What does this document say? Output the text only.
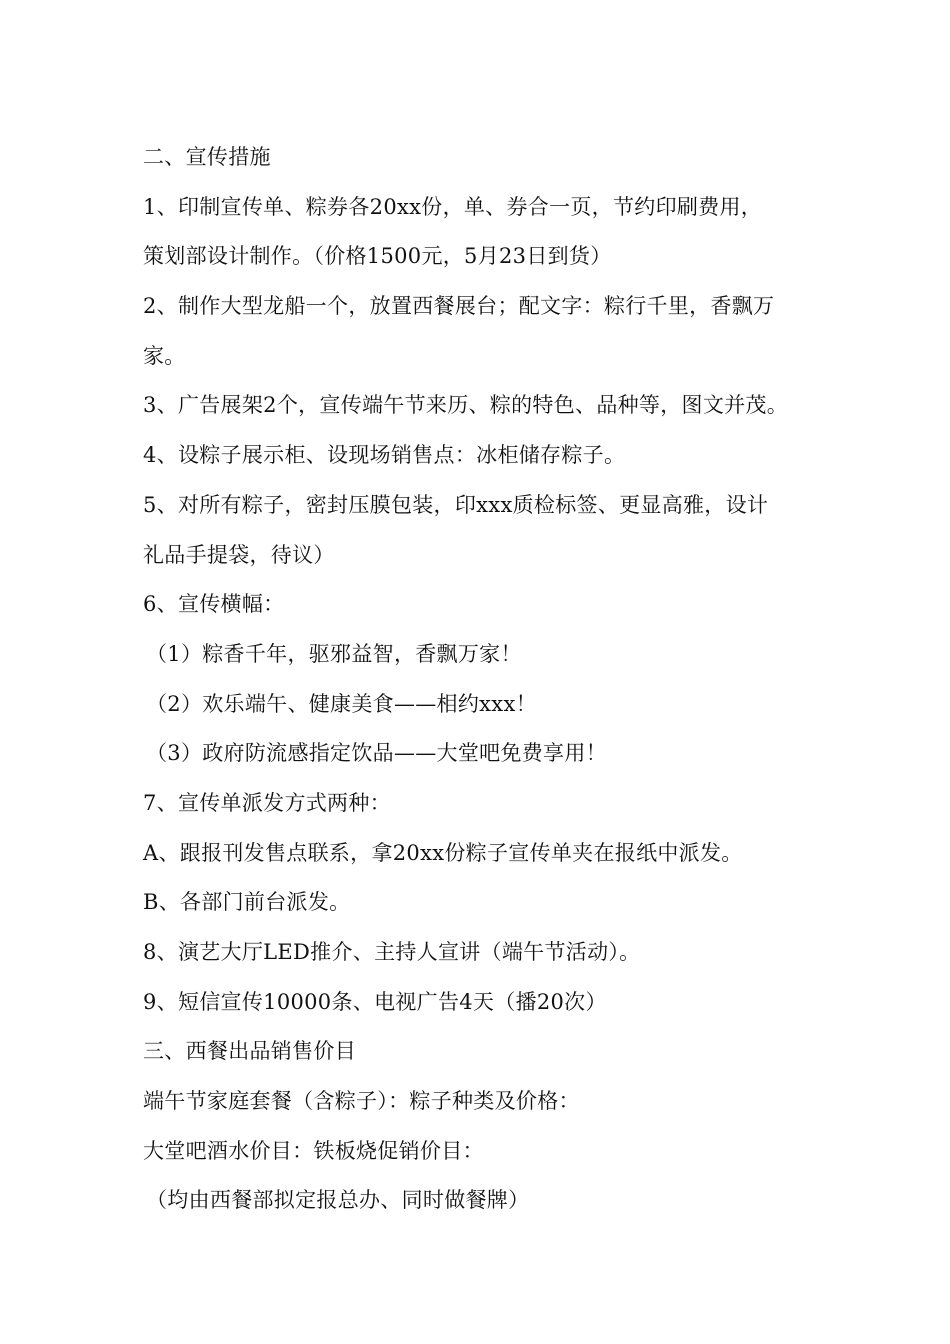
二、宣传措施
1、印制宣传单、粽券各20xx份，单、券合一页，节约印刷费用，
策划部设计制作。（价格1500元，5月23日到货）
2、制作大型龙船一个，放置西餐展台；配文字：粽行千里，香飘万
家。
3、广告展架2个，宣传端午节来历、粽的特色、品种等，图文并茂。
4、设粽子展示柜、设现场销售点：冰柜储存粽子。
5、对所有粽子，密封压膜包装，印xxx质检标签、更显高雅，设计
礼品手提袋，待议）
6、宣传横幅：
（1）粽香千年，驱邪益智，香飘万家！
（2）欢乐端午、健康美食——相约xxx！
（3）政府防流感指定饮品——大堂吧免费享用！
7、宣传单派发方式两种：
A、跟报刊发售点联系，拿20xx份粽子宣传单夹在报纸中派发。
B、各部门前台派发。
8、演艺大厅LED推介、主持人宣讲（端午节活动）。
9、短信宣传10000条、电视广告4天（播20次）
三、西餐出品销售价目
端午节家庭套餐（含粽子）：粽子种类及价格：
大堂吧酒水价目：铁板烧促销价目：
（均由西餐部拟定报总办、同时做餐牌）
